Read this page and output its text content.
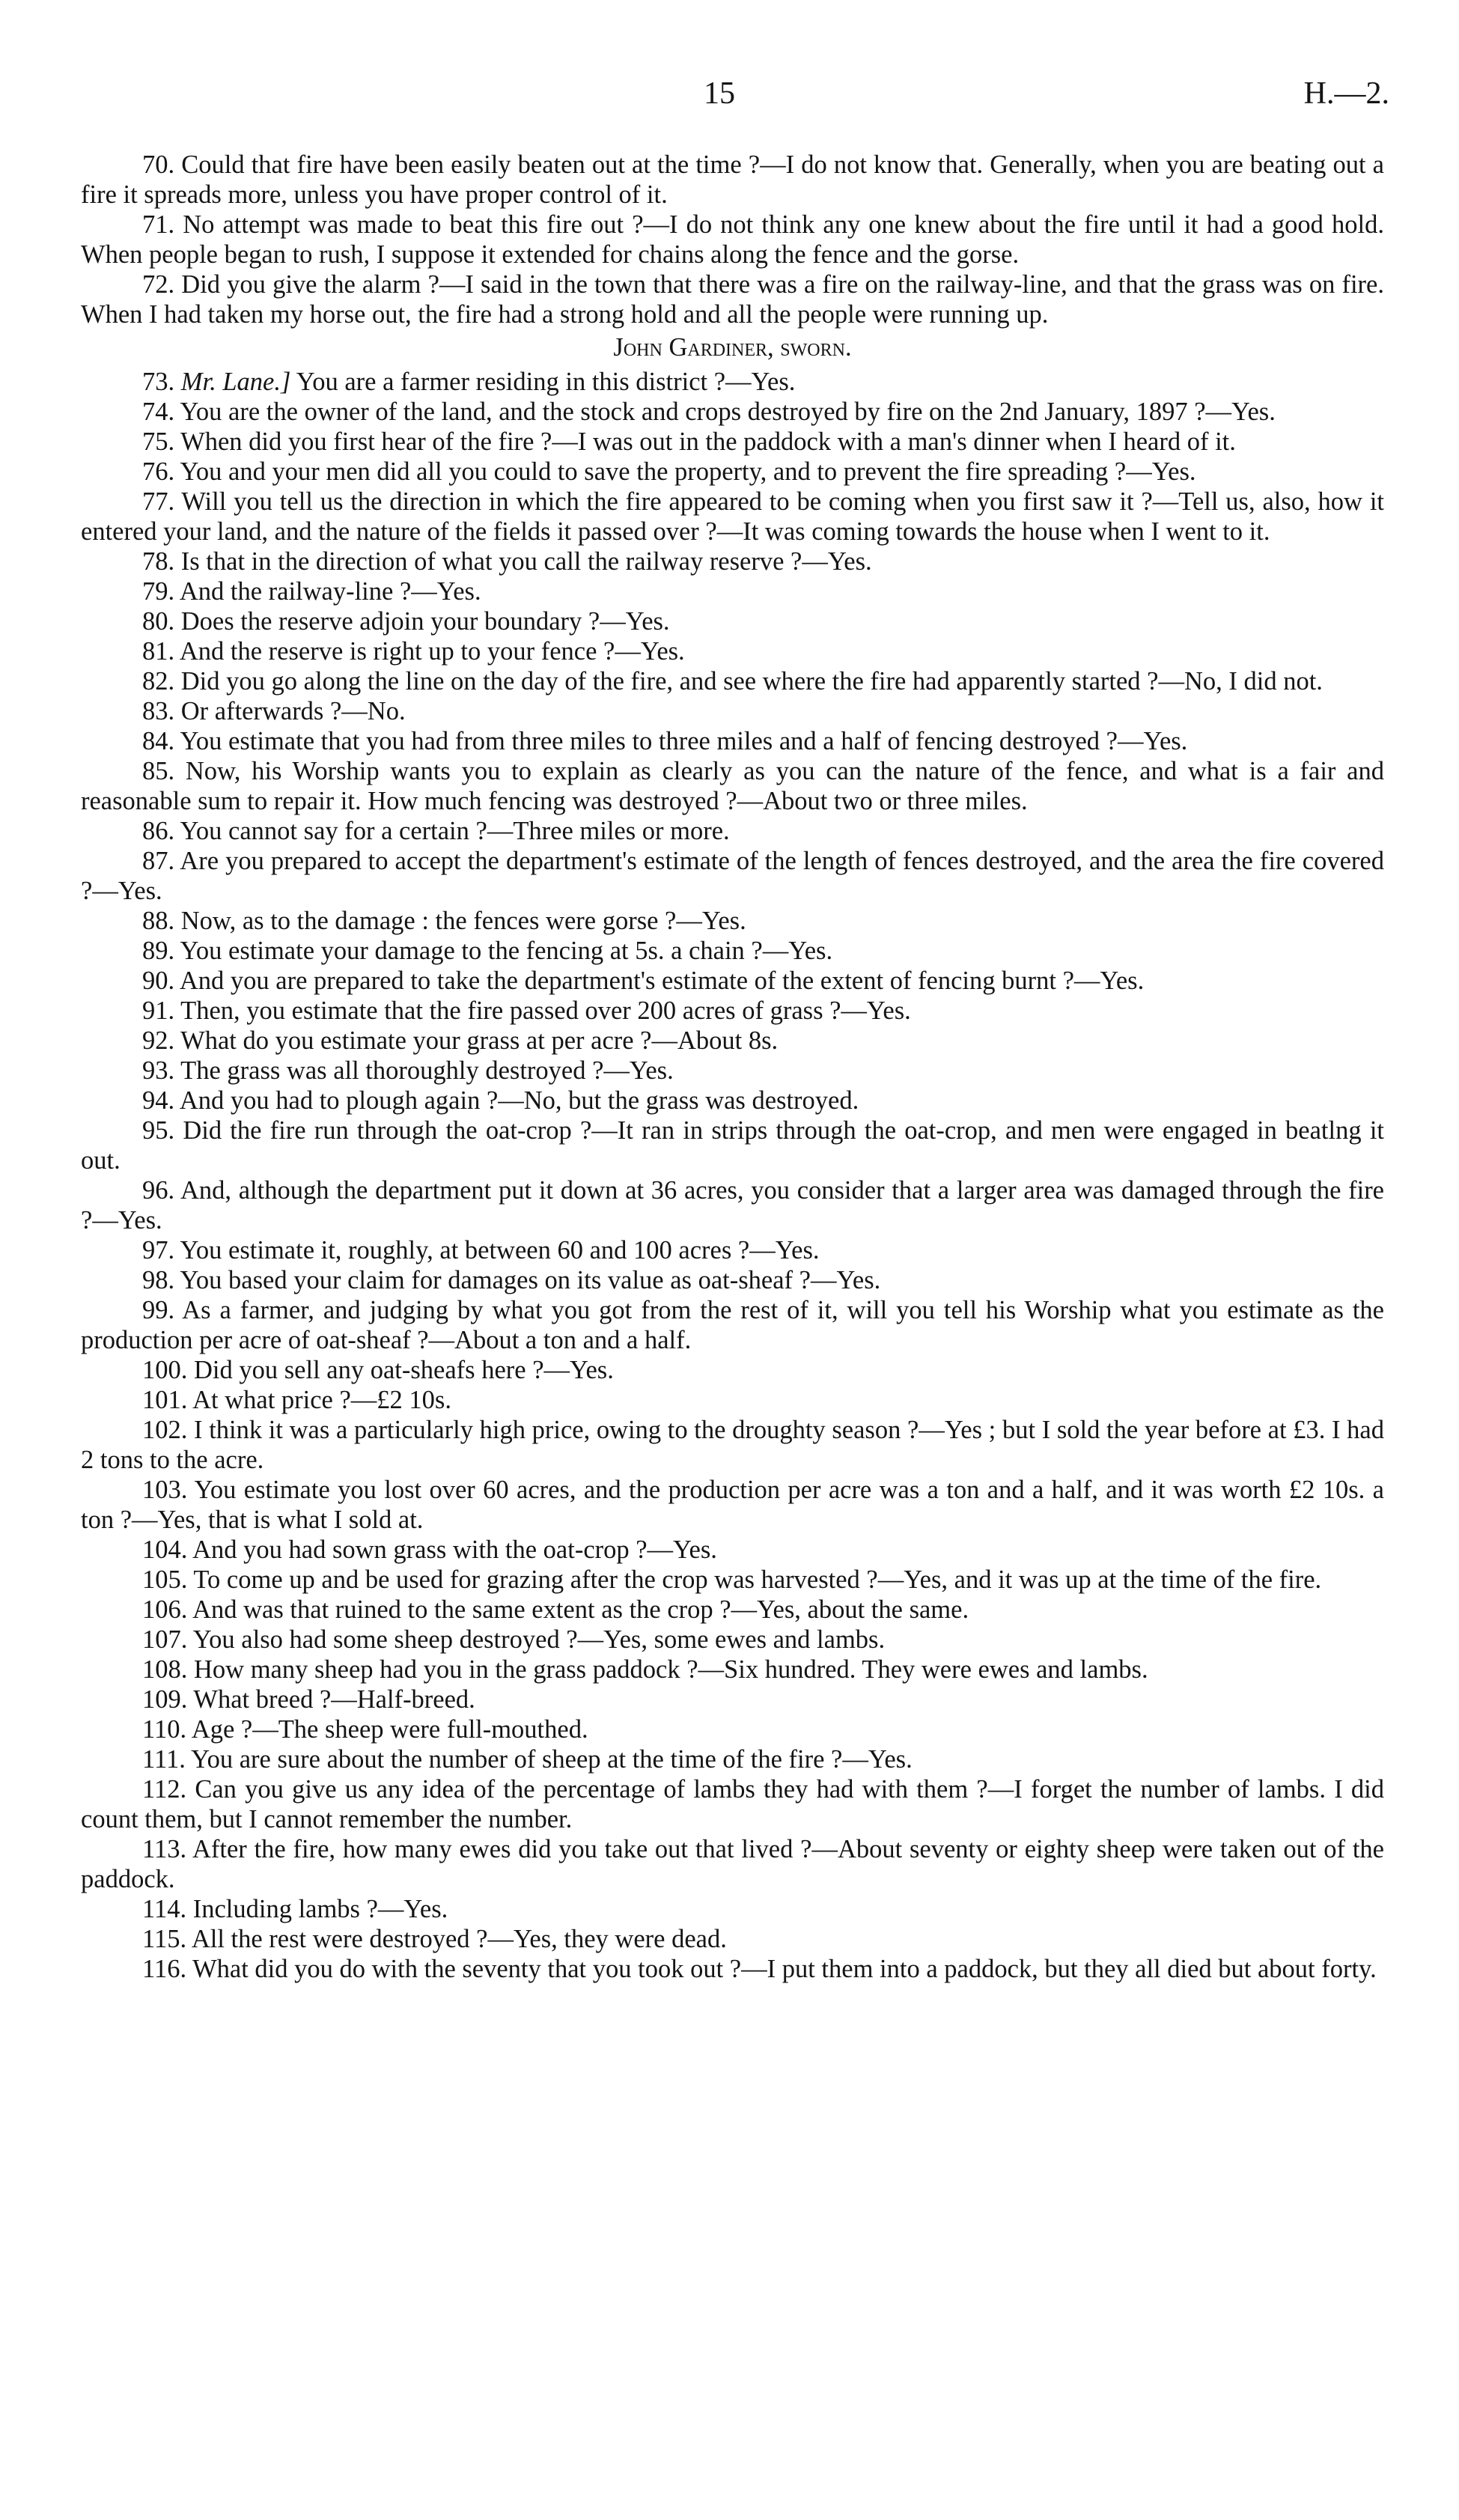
15	H.—2.

70. Could that fire have been easily beaten out at the time ?—I do not know that. Generally, when you are beating out a fire it spreads more, unless you have proper control of it.

71. No attempt was made to beat this fire out ?—I do not think any one knew about the fire until it had a good hold. When people began to rush, I suppose it extended for chains along the fence and the gorse.

72. Did you give the alarm ?—I said in the town that there was a fire on the railway-line, and that the grass was on fire. When I had taken my horse out, the fire had a strong hold and all the people were running up.

John Gardiner, sworn.

73. Mr. Lane.] You are a farmer residing in this district ?—Yes.

74. You are the owner of the land, and the stock and crops destroyed by fire on the 2nd January, 1897 ?—Yes.

75. When did you first hear of the fire ?—I was out in the paddock with a man's dinner when I heard of it.

76. You and your men did all you could to save the property, and to prevent the fire spreading ?—Yes.

77. Will you tell us the direction in which the fire appeared to be coming when you first saw it ?—Tell us, also, how it entered your land, and the nature of the fields it passed over ?—It was coming towards the house when I went to it.

78. Is that in the direction of what you call the railway reserve ?—Yes.

79. And the railway-line ?—Yes.

80. Does the reserve adjoin your boundary ?—Yes.

81. And the reserve is right up to your fence ?—Yes.

82. Did you go along the line on the day of the fire, and see where the fire had apparently started ?—No, I did not.

83. Or afterwards ?—No.

84. You estimate that you had from three miles to three miles and a half of fencing destroyed ?—Yes.

85. Now, his Worship wants you to explain as clearly as you can the nature of the fence, and what is a fair and reasonable sum to repair it. How much fencing was destroyed ?—About two or three miles.

86. You cannot say for a certain ?—Three miles or more.

87. Are you prepared to accept the department's estimate of the length of fences destroyed, and the area the fire covered ?—Yes.

88. Now, as to the damage : the fences were gorse ?—Yes.

89. You estimate your damage to the fencing at 5s. a chain ?—Yes.

90. And you are prepared to take the department's estimate of the extent of fencing burnt ?—Yes.

91. Then, you estimate that the fire passed over 200 acres of grass ?—Yes.

92. What do you estimate your grass at per acre ?—About 8s.

93. The grass was all thoroughly destroyed ?—Yes.

94. And you had to plough again ?—No, but the grass was destroyed.

95. Did the fire run through the oat-crop ?—It ran in strips through the oat-crop, and men were engaged in beatlng it out.

96. And, although the department put it down at 36 acres, you consider that a larger area was damaged through the fire ?—Yes.

97. You estimate it, roughly, at between 60 and 100 acres ?—Yes.

98. You based your claim for damages on its value as oat-sheaf ?—Yes.

99. As a farmer, and judging by what you got from the rest of it, will you tell his Worship what you estimate as the production per acre of oat-sheaf ?—About a ton and a half.

100. Did you sell any oat-sheafs here ?—Yes.

101. At what price ?—£2 10s.

102. I think it was a particularly high price, owing to the droughty season ?—Yes ; but I sold the year before at £3. I had 2 tons to the acre.

103. You estimate you lost over 60 acres, and the production per acre was a ton and a half, and it was worth £2 10s. a ton ?—Yes, that is what I sold at.

104. And you had sown grass with the oat-crop ?—Yes.

105. To come up and be used for grazing after the crop was harvested ?—Yes, and it was up at the time of the fire.

106. And was that ruined to the same extent as the crop ?—Yes, about the same.

107. You also had some sheep destroyed ?—Yes, some ewes and lambs.

108. How many sheep had you in the grass paddock ?—Six hundred. They were ewes and lambs.

109. What breed ?—Half-breed.

110. Age ?—The sheep were full-mouthed.

111. You are sure about the number of sheep at the time of the fire ?—Yes.

112. Can you give us any idea of the percentage of lambs they had with them ?—I forget the number of lambs. I did count them, but I cannot remember the number.

113. After the fire, how many ewes did you take out that lived ?—About seventy or eighty sheep were taken out of the paddock.

114. Including lambs ?—Yes.

115. All the rest were destroyed ?—Yes, they were dead.

116. What did you do with the seventy that you took out ?—I put them into a paddock, but they all died but about forty.
